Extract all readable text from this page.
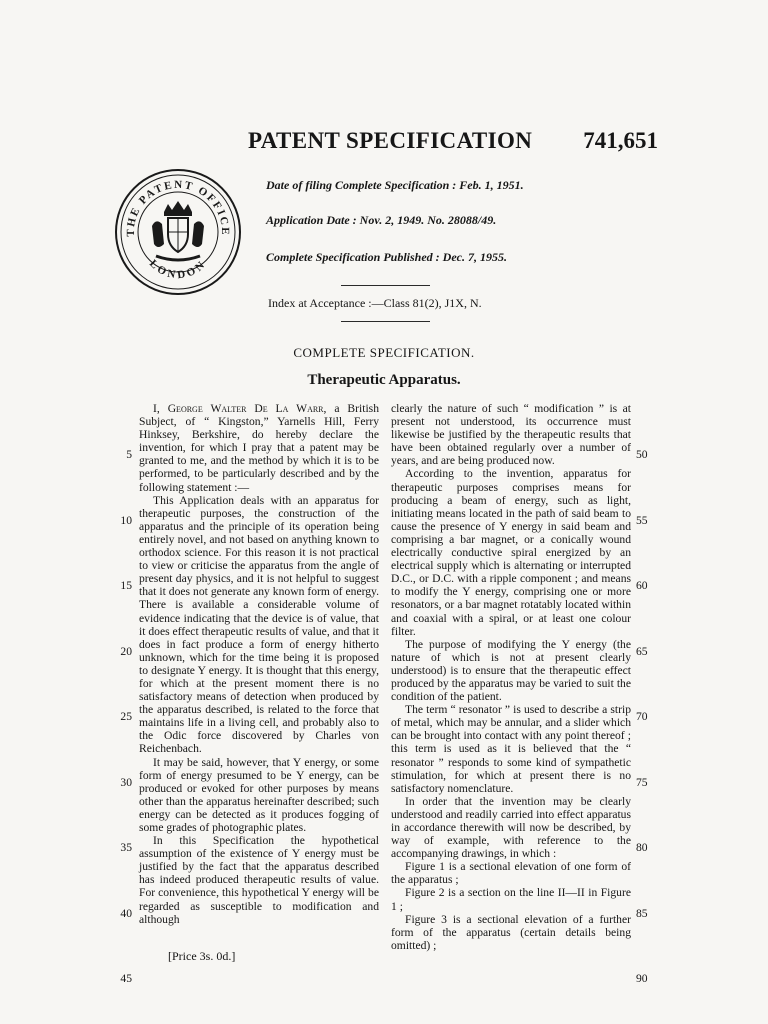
PATENT SPECIFICATION	741,651
THE PATENT OFFICE
LONDON
Date of filing Complete Specification : Feb. 1, 1951.
Application Date : Nov. 2, 1949. No. 28088/49.
Complete Specification Published : Dec. 7, 1955.
Index at Acceptance :—Class 81(2), J1X, N.
COMPLETE SPECIFICATION.
Therapeutic Apparatus.

I, George Walter De La Warr, a British Subject, of “ Kingston,” Yarnells Hill, Ferry Hinksey, Berkshire, do hereby declare the invention, for which I pray that a patent may be granted to me, and the method by which it is to be performed, to be particularly described and by the following statement :—

This Application deals with an apparatus for therapeutic purposes, the construction of the apparatus and the principle of its operation being entirely novel, and not based on anything known to orthodox science. For this reason it is not practical to view or criticise the apparatus from the angle of present day physics, and it is not helpful to suggest that it does not generate any known form of energy. There is available a considerable volume of evidence indicating that the device is of value, that it does effect therapeutic results of value, and that it does in fact produce a form of energy hitherto unknown, which for the time being it is proposed to designate Y energy. It is thought that this energy, for which at the present moment there is no satisfactory means of detection when produced by the apparatus described, is related to the force that maintains life in a living cell, and probably also to the Odic force discovered by Charles von Reichenbach.

It may be said, however, that Y energy, or some form of energy presumed to be Y energy, can be produced or evoked for other purposes by means other than the apparatus hereinafter described; such energy can be detected as it produces fogging of some grades of photographic plates.

In this Specification the hypothetical assumption of the existence of Y energy must be justified by the fact that the apparatus described has indeed produced therapeutic results of value. For convenience, this hypothetical Y energy will be regarded as susceptible to modification and although

5
10
15
20
25
30
35
40
45

clearly the nature of such “ modification ” is at present not understood, its occurrence must likewise be justified by the therapeutic results that have been obtained regularly over a number of years, and are being produced now.

According to the invention, apparatus for therapeutic purposes comprises means for producing a beam of energy, such as light, initiating means located in the path of said beam to cause the presence of Y energy in said beam and comprising a bar magnet, or a conically wound electrically conductive spiral energized by an electrical supply which is alternating or interrupted D.C., or D.C. with a ripple component ; and means to modify the Y energy, comprising one or more resonators, or a bar magnet rotatably located within and coaxial with a spiral, or at least one colour filter.

The purpose of modifying the Y energy (the nature of which is not at present clearly understood) is to ensure that the therapeutic effect produced by the apparatus may be varied to suit the condition of the patient.

The term “ resonator ” is used to describe a strip of metal, which may be annular, and a slider which can be brought into contact with any point thereof ; this term is used as it is believed that the “ resonator ” responds to some kind of sympathetic stimulation, for which at present there is no satisfactory nomenclature.

In order that the invention may be clearly understood and readily carried into effect apparatus in accordance therewith will now be described, by way of example, with reference to the accompanying drawings, in which :

Figure 1 is a sectional elevation of one form of the apparatus ;

Figure 2 is a section on the line II—II in Figure 1 ;

Figure 3 is a sectional elevation of a further form of the apparatus (certain details being omitted) ;

50
55
60
65
70
75
80
85
90
[Price 3s. 0d.]
